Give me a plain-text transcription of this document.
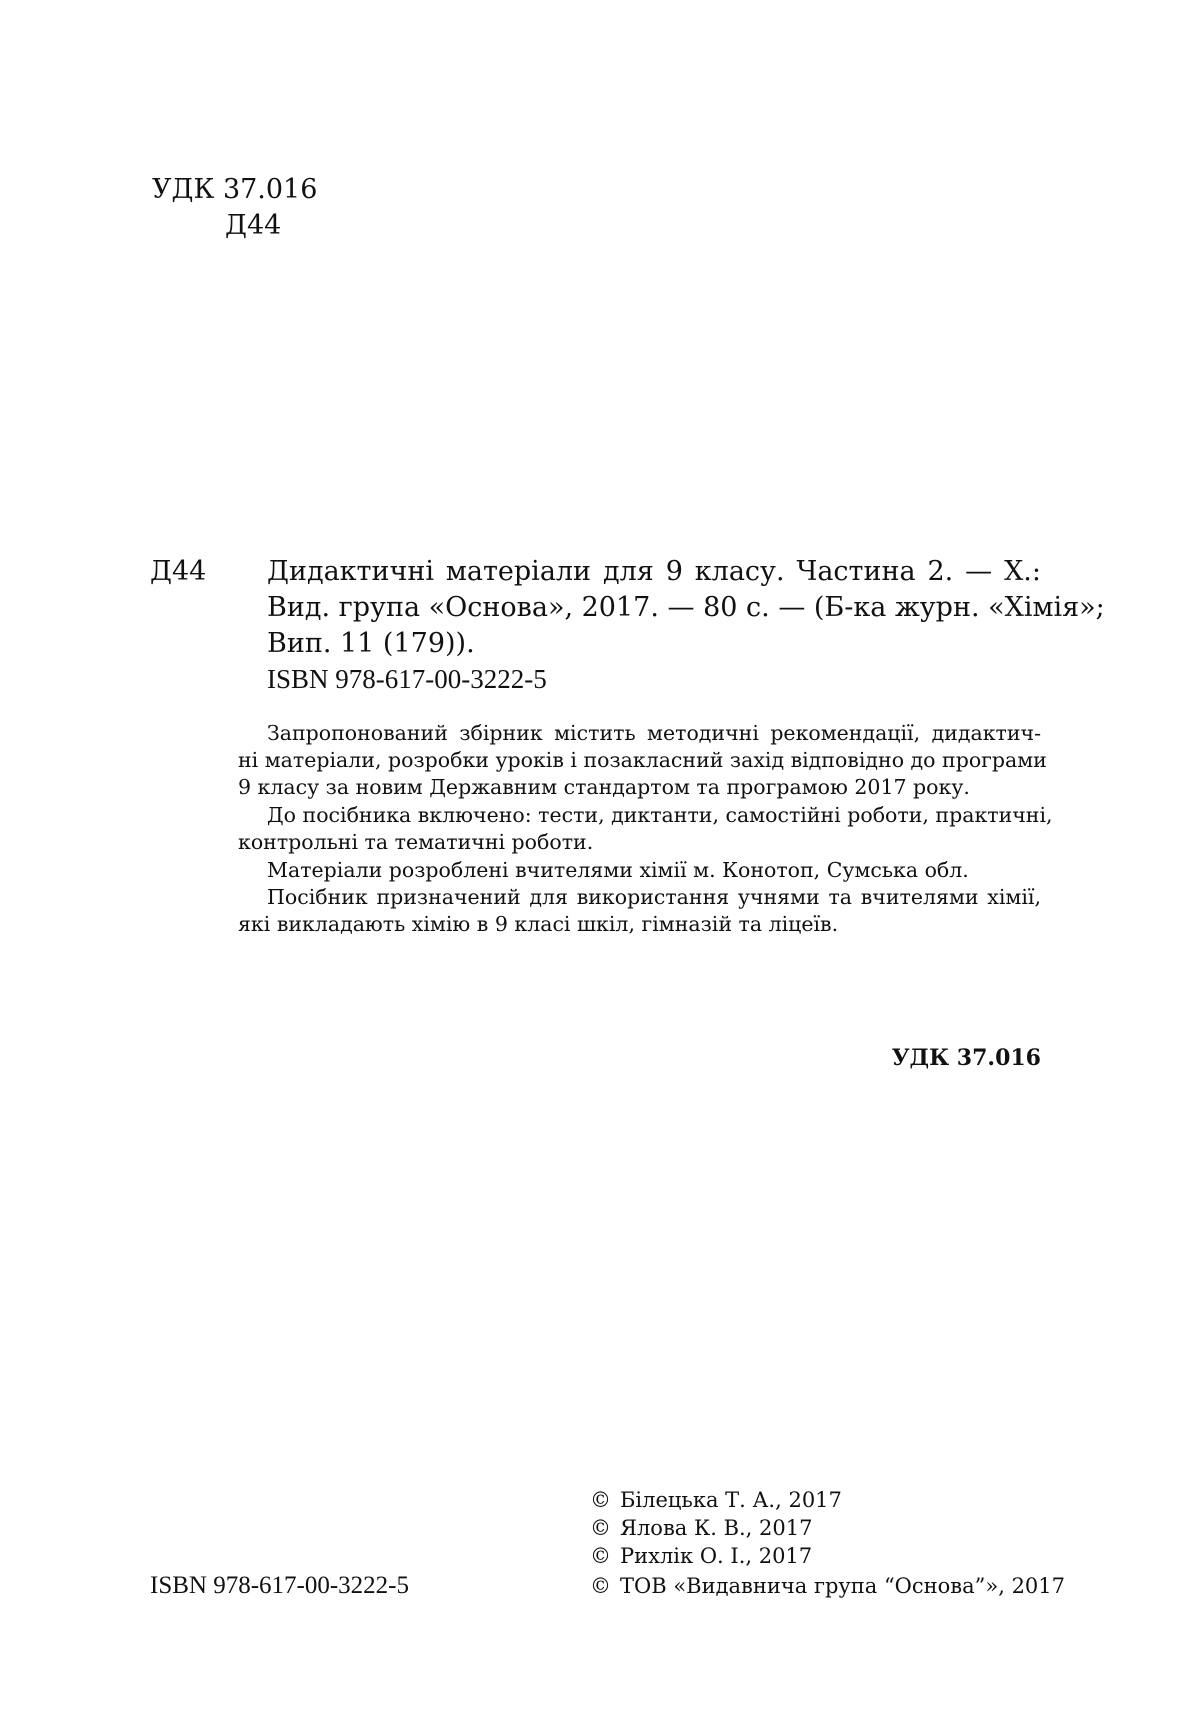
УДК 37.016
Д44
Д44 Дидактичні матеріали для 9 класу. Частина 2. — Х.:
Вид. група «Основа», 2017. — 80 с. — (Б-ка журн. «Хімія»;
Вип. 11 (179)).
ISBN 978-617-00-3222-5
Запропонований збірник містить методичні рекомендації, дидактич-
ні матеріали, розробки уроків і позакласний захід відповідно до програми
9 класу за новим Державним стандартом та програмою 2017 року.
До посібника включено: тести, диктанти, самостійні роботи, практичні,
контрольні та тематичні роботи.
Матеріали розроблені вчителями хімії м. Конотоп, Сумська обл.
Посібник призначений для використання учнями та вчителями хімії,
які викладають хімію в 9 класі шкіл, гімназій та ліцеїв.
УДК 37.016
© Білецька Т. А., 2017
© Ялова К. В., 2017
© Рихлік О. І., 2017
© ТОВ «Видавнича група “Основа”», 2017
ISBN 978-617-00-3222-5
